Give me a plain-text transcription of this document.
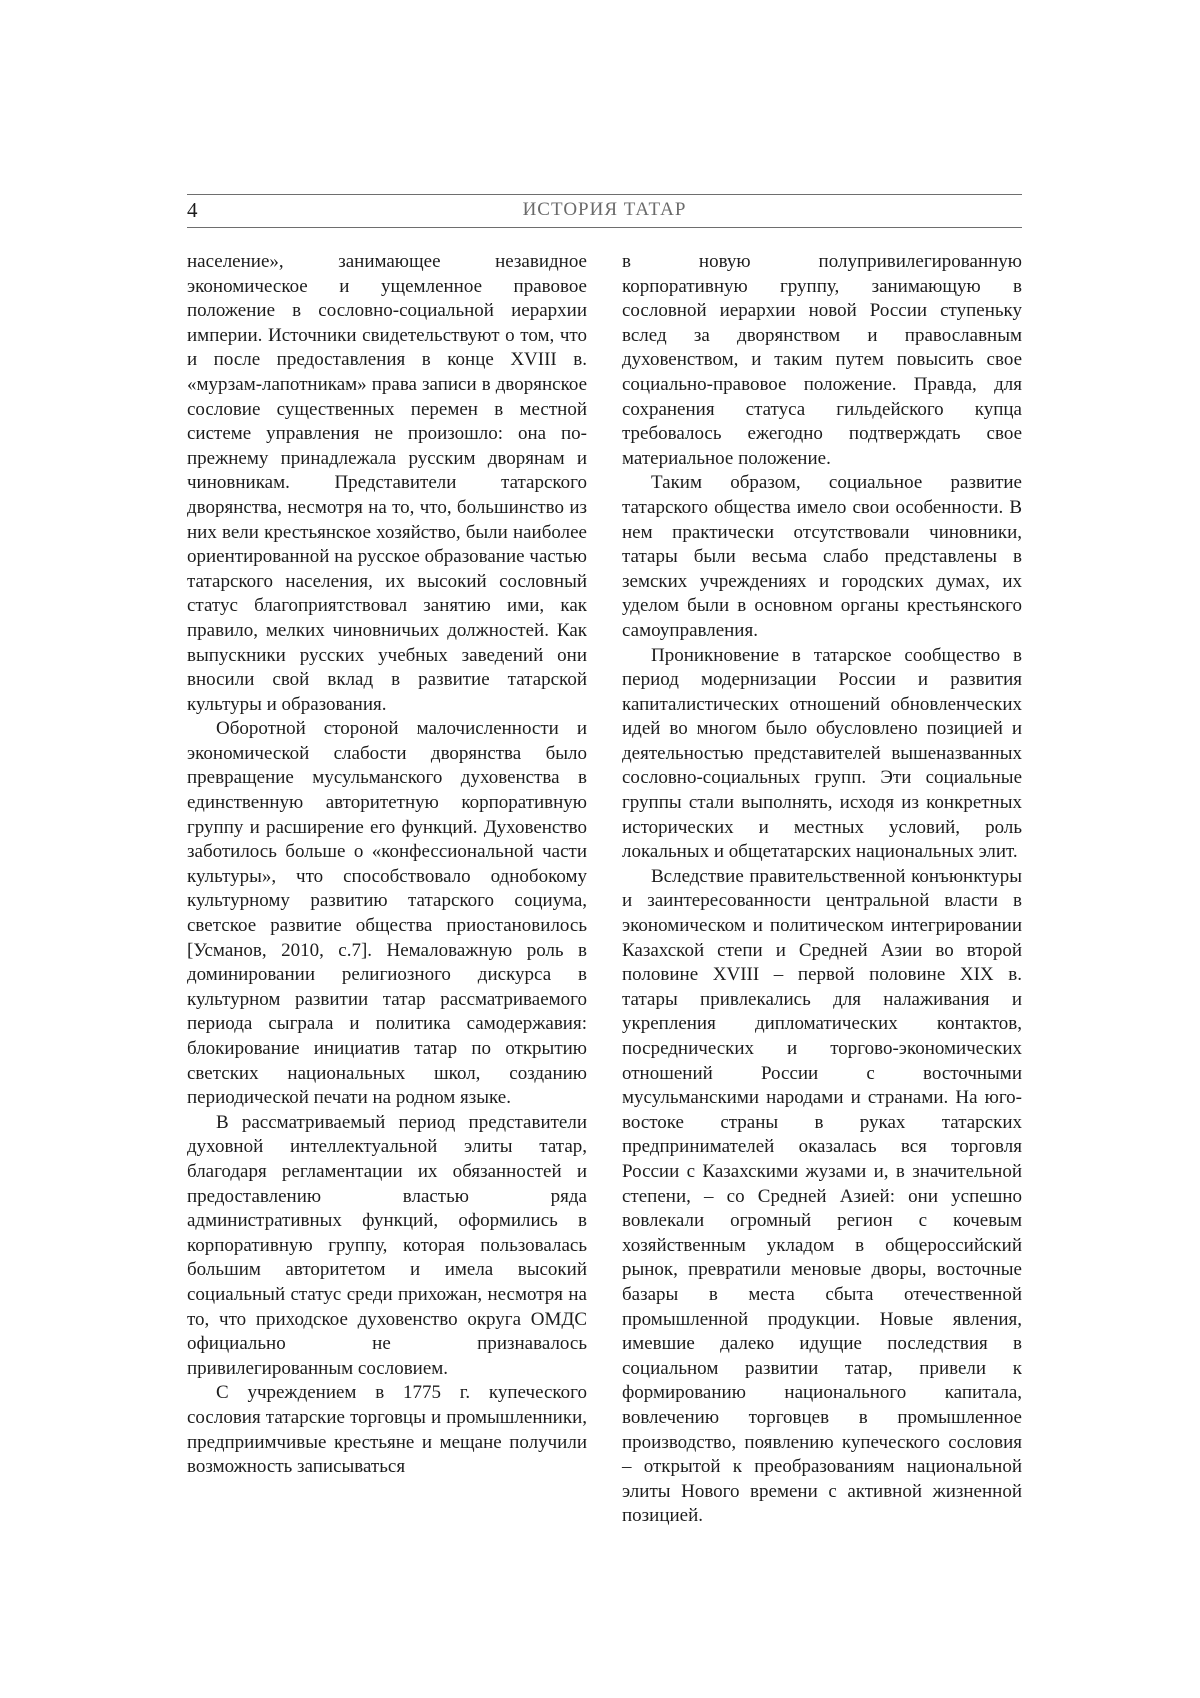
4	ИСТОРИЯ ТАТАР

население», занимающее незавидное экономическое и ущемленное правовое положение в сословно-социальной иерархии империи. Источники свидетельствуют о том, что и после предоставления в конце XVIII в. «мурзам-лапотникам» права записи в дворянское сословие существенных перемен в местной системе управления не произошло: она по-прежнему принадлежала русским дворянам и чиновникам. Представители татарского дворянства, несмотря на то, что, большинство из них вели крестьянское хозяйство, были наиболее ориентированной на русское образование частью татарского населения, их высокий сословный статус благоприятствовал занятию ими, как правило, мелких чиновничьих должностей. Как выпускники русских учебных заведений они вносили свой вклад в развитие татарской культуры и образования.

Оборотной стороной малочисленности и экономической слабости дворянства было превращение мусульманского духовенства в единственную авторитетную корпоративную группу и расширение его функций. Духовенство заботилось больше о «конфессиональной части культуры», что способствовало однобокому культурному развитию татарского социума, светское развитие общества приостановилось [Усманов, 2010, с.7]. Немаловажную роль в доминировании религиозного дискурса в культурном развитии татар рассматриваемого периода сыграла и политика самодержавия: блокирование инициатив татар по открытию светских национальных школ, созданию периодической печати на родном языке.

В рассматриваемый период представители духовной интеллектуальной элиты татар, благодаря регламентации их обязанностей и предоставлению властью ряда административных функций, оформились в корпоративную группу, которая пользовалась большим авторитетом и имела высокий социальный статус среди прихожан, несмотря на то, что приходское духовенство округа ОМДС официально не признавалось привилегированным сословием.

С учреждением в 1775 г. купеческого сословия татарские торговцы и промышленники, предприимчивые крестьяне и мещане получили возможность записываться

в новую полупривилегированную корпоративную группу, занимающую в сословной иерархии новой России ступеньку вслед за дворянством и православным духовенством, и таким путем повысить свое социально-правовое положение. Правда, для сохранения статуса гильдейского купца требовалось ежегодно подтверждать свое материальное положение.

Таким образом, социальное развитие татарского общества имело свои особенности. В нем практически отсутствовали чиновники, татары были весьма слабо представлены в земских учреждениях и городских думах, их уделом были в основном органы крестьянского самоуправления.

Проникновение в татарское сообщество в период модернизации России и развития капиталистических отношений обновленческих идей во многом было обусловлено позицией и деятельностью представителей вышеназванных сословно-социальных групп. Эти социальные группы стали выполнять, исходя из конкретных исторических и местных условий, роль локальных и общетатарских национальных элит.

Вследствие правительственной конъюнктуры и заинтересованности центральной власти в экономическом и политическом интегрировании Казахской степи и Средней Азии во второй половине XVIII – первой половине XIX в. татары привлекались для налаживания и укрепления дипломатических контактов, посреднических и торгово-экономических отношений России с восточными мусульманскими народами и странами. На юго-востоке страны в руках татарских предпринимателей оказалась вся торговля России с Казахскими жузами и, в значительной степени, – со Средней Азией: они успешно вовлекали огромный регион с кочевым хозяйственным укладом в общероссийский рынок, превратили меновые дворы, восточные базары в места сбыта отечественной промышленной продукции. Новые явления, имевшие далеко идущие последствия в социальном развитии татар, привели к формированию национального капитала, вовлечению торговцев в промышленное производство, появлению купеческого сословия – открытой к преобразованиям национальной элиты Нового времени с активной жизненной позицией.
